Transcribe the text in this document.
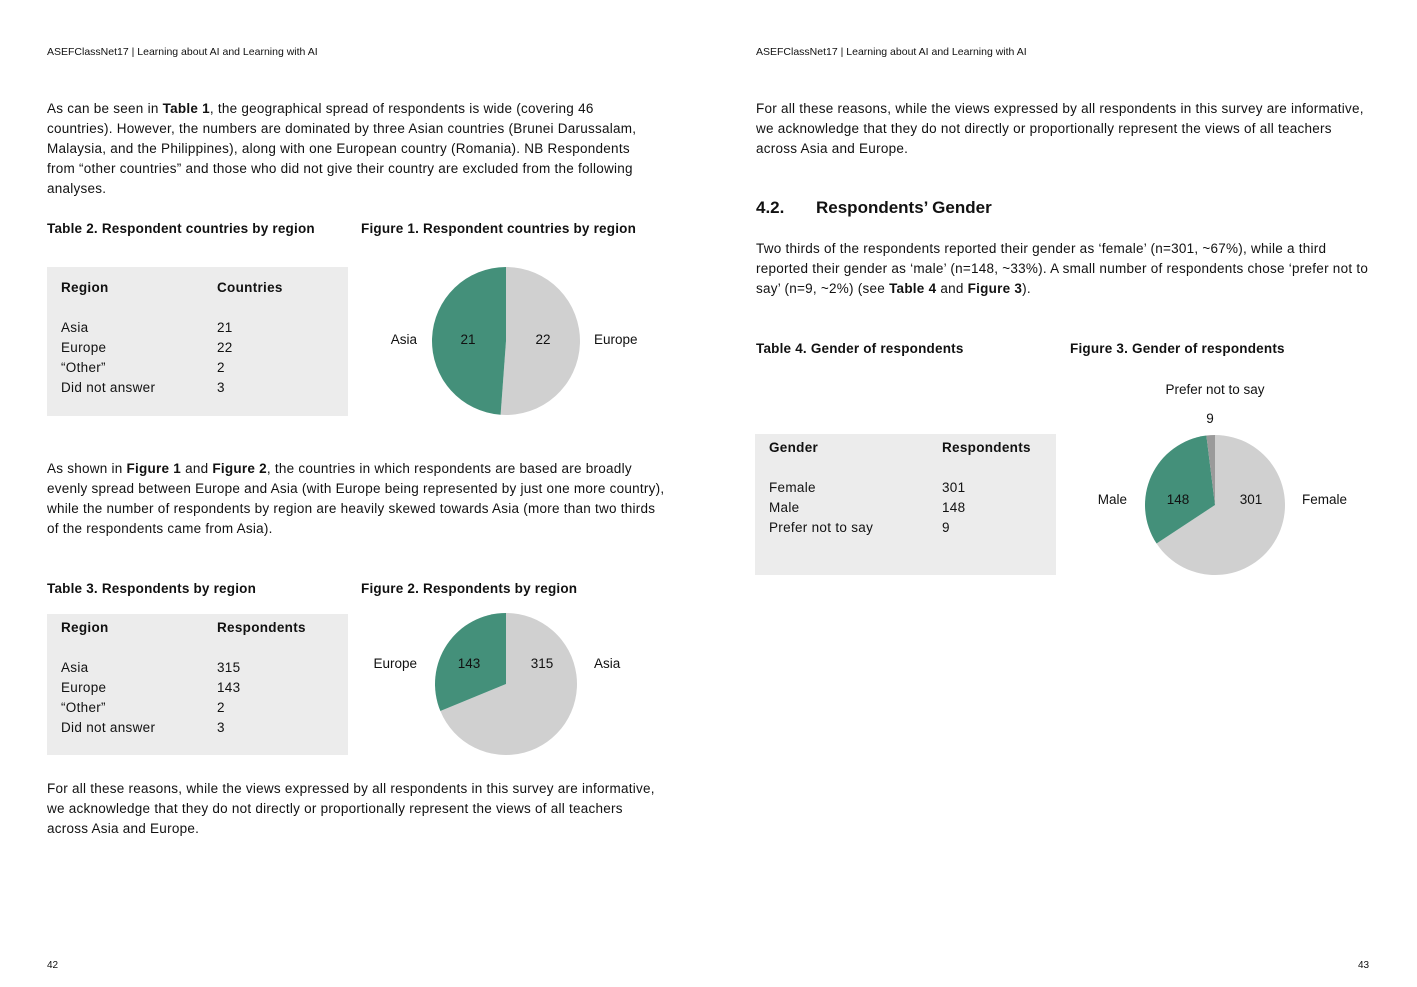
ASEFClassNet17 | Learning about AI and Learning with AI
As can be seen in Table 1, the geographical spread of respondents is wide (covering 46 countries). However, the numbers are dominated by three Asian countries (Brunei Darussalam, Malaysia, and the Philippines), along with one European country (Romania). NB Respondents from “other countries” and those who did not give their country are excluded from the following analyses.
Table 2. Respondent countries by region	Figure 1. Respondent countries by region
Region	Countries
Asia	21
Europe	22
“Other”	2
Did not answer	3
22	Europe
21
Asia
315	Asia
143
Europe
301	Female
148
Male
9
Prefer not to say
As shown in Figure 1 and Figure 2, the countries in which respondents are based are broadly evenly spread between Europe and Asia (with Europe being represented by just one more country), while the number of respondents by region are heavily skewed towards Asia (more than two thirds of the respondents came from Asia).
Table 3. Respondents by region	Figure 2. Respondents by region
Region	Respondents
Asia	315
Europe	143
“Other”	2
Did not answer	3
For all these reasons, while the views expressed by all respondents in this survey are informative, we acknowledge that they do not directly or proportionally represent the views of all teachers across Asia and Europe.
42
ASEFClassNet17 | Learning about AI and Learning with AI
For all these reasons, while the views expressed by all respondents in this survey are informative, we acknowledge that they do not directly or proportionally represent the views of all teachers across Asia and Europe.
4.2. Respondents’ Gender
Two thirds of the respondents reported their gender as ‘female’ (n=301, ~67%), while a third reported their gender as ‘male’ (n=148, ~33%). A small number of respondents chose ‘prefer not to say’ (n=9, ~2%) (see Table 4 and Figure 3).
Table 4. Gender of respondents	Figure 3. Gender of respondents
Gender	Respondents
Female	301
Male	148
Prefer not to say	9
43
